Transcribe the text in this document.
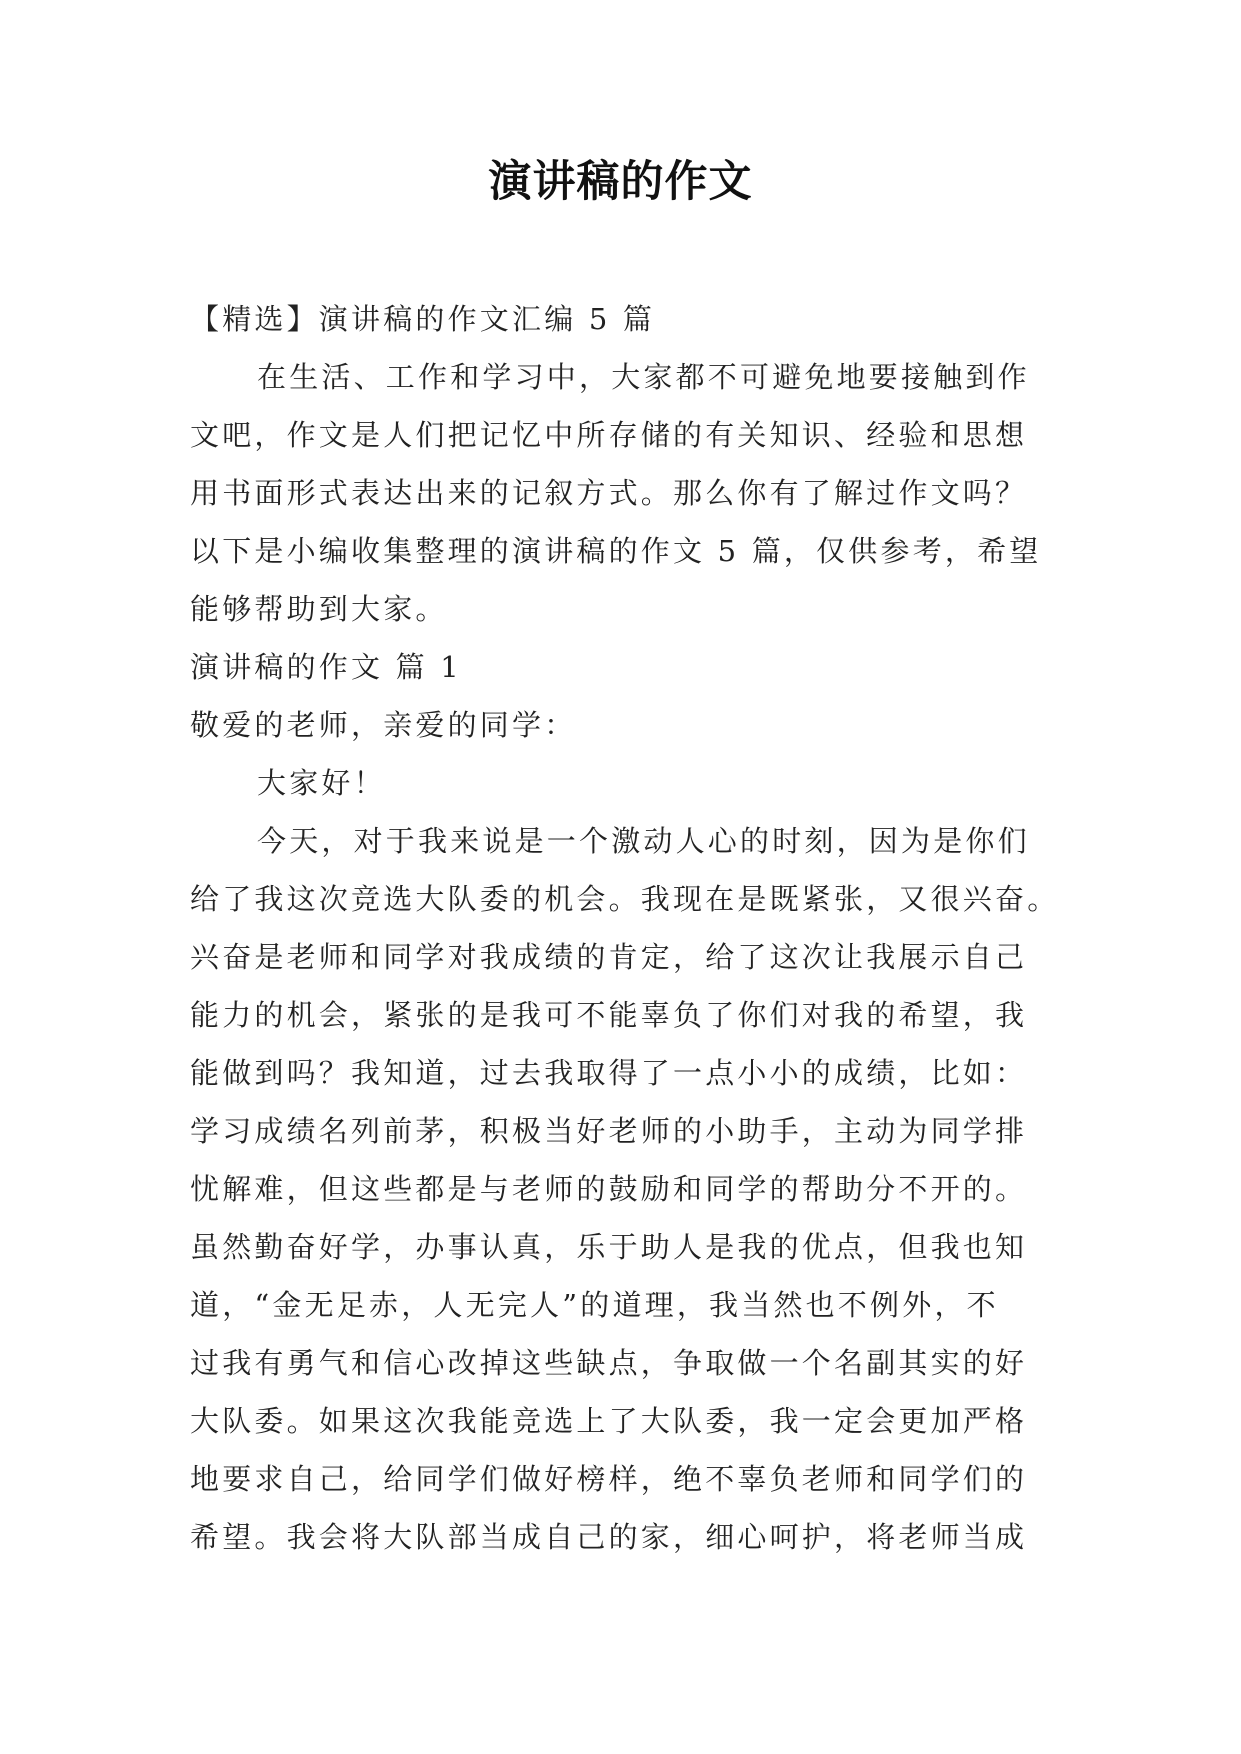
演讲稿的作文
【精选】演讲稿的作文汇编 5 篇
在生活、工作和学习中，大家都不可避免地要接触到作
文吧，作文是人们把记忆中所存储的有关知识、经验和思想
用书面形式表达出来的记叙方式。那么你有了解过作文吗？
以下是小编收集整理的演讲稿的作文 5 篇，仅供参考，希望
能够帮助到大家。
演讲稿的作文 篇 1
敬爱的老师，亲爱的同学：
大家好！
今天，对于我来说是一个激动人心的时刻，因为是你们
给了我这次竞选大队委的机会。我现在是既紧张，又很兴奋。
兴奋是老师和同学对我成绩的肯定，给了这次让我展示自己
能力的机会，紧张的是我可不能辜负了你们对我的希望，我
能做到吗？我知道，过去我取得了一点小小的成绩，比如：
学习成绩名列前茅，积极当好老师的小助手，主动为同学排
忧解难，但这些都是与老师的鼓励和同学的帮助分不开的。
虽然勤奋好学，办事认真，乐于助人是我的优点，但我也知
道，“金无足赤，人无完人”的道理，我当然也不例外，不
过我有勇气和信心改掉这些缺点，争取做一个名副其实的好
大队委。如果这次我能竞选上了大队委，我一定会更加严格
地要求自己，给同学们做好榜样，绝不辜负老师和同学们的
希望。我会将大队部当成自己的家，细心呵护，将老师当成
